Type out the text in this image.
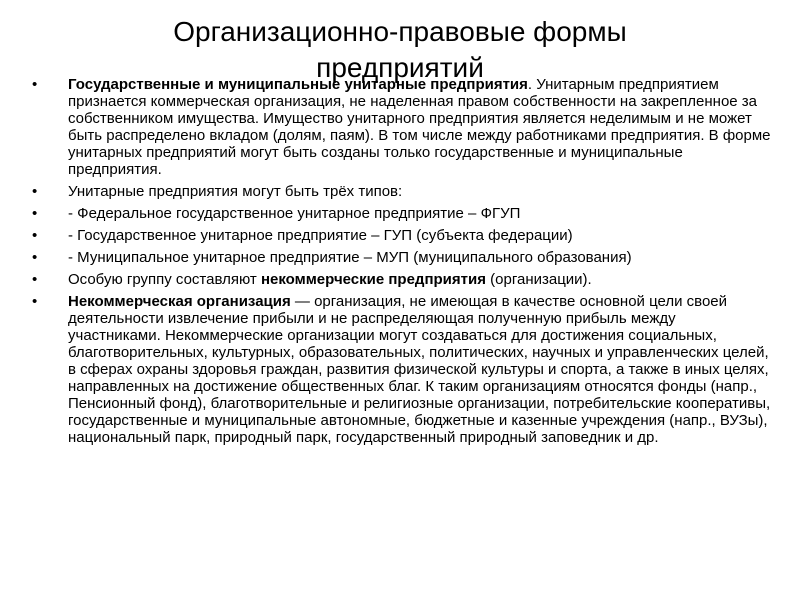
Организационно-правовые формы предприятий
•	Государственные и муниципальные унитарные предприятия. Унитарным предприятием признается коммерческая организация, не наделенная правом собственности на закрепленное за собственником имущества. Имущество унитарного предприятия является неделимым и не может быть распределено вкладом (долям, паям). В том числе между работниками предприятия. В форме унитарных предприятий могут быть созданы только государственные и муниципальные предприятия.
•	Унитарные предприятия могут быть трёх типов:
•	- Федеральное государственное унитарное предприятие – ФГУП
•	- Государственное унитарное предприятие – ГУП (субъекта федерации)
•	- Муниципальное унитарное предприятие – МУП (муниципального образования)
•	Особую группу составляют некоммерческие предприятия (организации).
•	Некоммерческая организация — организация, не имеющая в качестве основной цели своей деятельности извлечение прибыли и не распределяющая полученную прибыль между участниками. Некоммерческие организации могут создаваться для достижения социальных, благотворительных, культурных, образовательных, политических, научных и управленческих целей, в сферах охраны здоровья граждан, развития физической культуры и спорта, а также в иных целях, направленных на достижение общественных благ. К таким организациям относятся фонды (напр., Пенсионный фонд), благотворительные и религиозные организации, потребительские кооперативы, государственные и муниципальные автономные, бюджетные и казенные учреждения (напр., ВУЗы), национальный парк, природный парк, государственный природный заповедник и др.
